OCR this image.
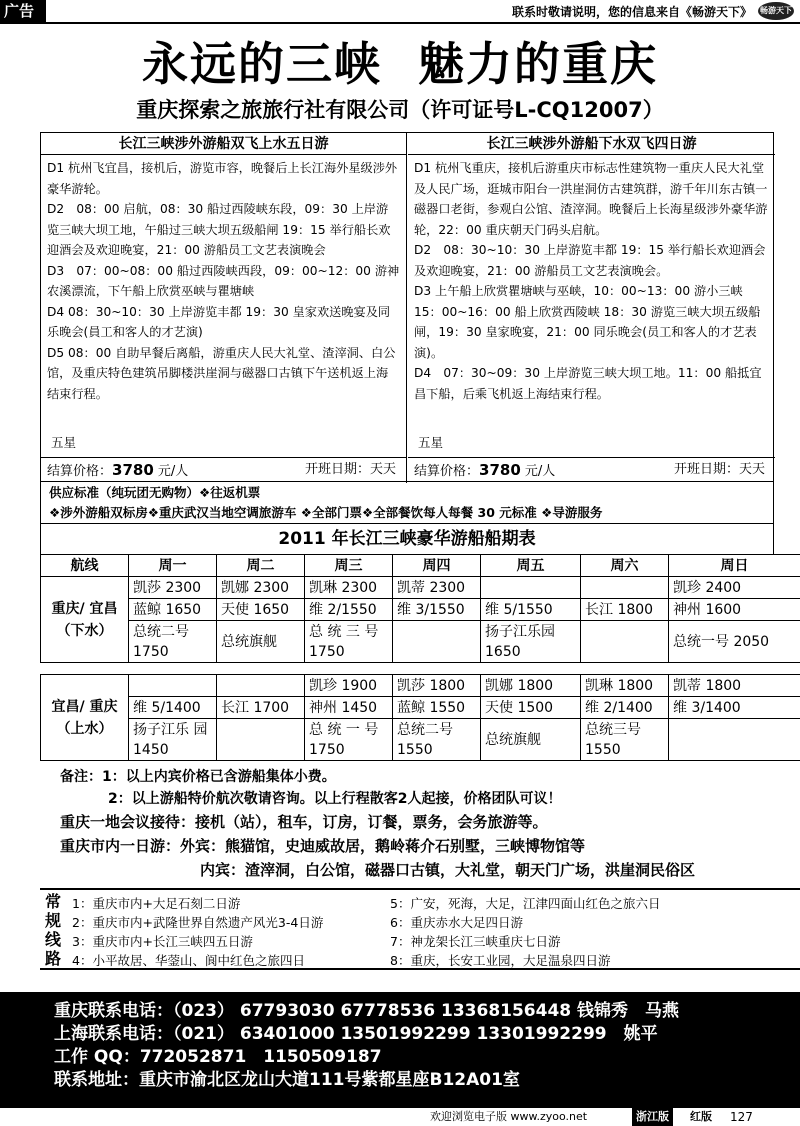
广告	联系时敬请说明，您的信息来自《畅游天下》 畅游天下
永远的三峡  魅力的重庆
重庆探索之旅旅行社有限公司（许可证号L-CQ12007）
长江三峡涉外游船双飞上水五日游
D1 杭州飞宜昌，接机后，游览市容，晚餐后上长江海外星级涉外豪华游轮。
D2　08：00 启航，08：30 船过西陵峡东段，09：30 上岸游览三峡大坝工地，午船过三峡大坝五级船闸 19：15 举行船长欢迎酒会及欢迎晚宴，21：00 游船员工文艺表演晚会
D3　07：00~08：00 船过西陵峡西段，09：00~12：00 游神农溪漂流，下午船上欣赏巫峡与瞿塘峡
D4 08：30~10：30 上岸游览丰都 19：30 皇家欢送晚宴及同乐晚会(員工和客人的才艺演)
D5 08：00 自助早餐后离船，游重庆人民大礼堂、渣滓洞、白公馆，及重庆特色建筑吊脚楼洪崖洞与磁器口古镇下午送机返上海结束行程。
五星
结算价格：3780 元/人	开班日期：天天
长江三峡涉外游船下水双飞四日游
D1 杭州飞重庆，接机后游重庆市标志性建筑物一重庆人民大礼堂及人民广场，逛城市阳台一洪崖洞仿古建筑群，游千年川东古镇一磁器口老街，参观白公馆、渣滓洞。晚餐后上长海星级涉外豪华游轮，22：00 重庆朝天门码头启航。
D2　08：30~10：30 上岸游览丰都 19：15 举行船长欢迎酒会及欢迎晚宴，21：00 游船员工文艺表演晚会。
D3 上午船上欣赏瞿塘峡与巫峡，10：00~13：00 游小三峡 15：00~16：00 船上欣赏西陵峡 18：30 游览三峡大坝五级船闸，19：30 皇家晚宴，21：00 同乐晚会(员工和客人的才艺表演)。
D4　07：30~09：30 上岸游览三峡大坝工地。11：00 船抵宜昌下船，后乘飞机返上海结束行程。
五星
结算价格：3780 元/人	开班日期：天天
供应标准（纯玩团无购物）❖往返机票
❖涉外游船双标房❖重庆武汉当地空调旅游车 ❖全部门票❖全部餐饮每人每餐 30 元标准 ❖导游服务
2011 年长江三峡豪华游船船期表
航线	周一	周二	周三	周四	周五	周六	周日
重庆/ 宜昌 （下水）	凯莎 2300	凯娜 2300	凯琳 2300	凯蒂 2300			凯珍 2400
	蓝鲸 1650	天使 1650	维 2/1550	维 3/1550	维 5/1550	长江 1800	神州 1600
	总统二号 1750	总统旗舰	总 统 三 号 1750		扬子江乐园 1650		总统一号 2050
宜昌/ 重庆 （上水）			凯珍 1900	凯莎 1800	凯娜 1800	凯琳 1800	凯蒂 1800
	维 5/1400	长江 1700	神州 1450	蓝鲸 1550	天使 1500	维 2/1400	维 3/1400
	扬子江乐 园 1450		总 统 一 号 1750	总统二号 1550	总统旗舰	总统三号 1550	
备注：1：以上内宾价格已含游船集体小费。
2：以上游船特价航次敬请咨询。以上行程散客2人起接，价格团队可议！
重庆一地会议接待：接机（站），租车，订房，订餐，票务，会务旅游等。
重庆市内一日游：外宾：熊猫馆，史迪威故居，鹅岭蒋介石别墅，三峡博物馆等
内宾：渣滓洞，白公馆，磁器口古镇，大礼堂，朝天门广场，洪崖洞民俗区
常规线路
1：重庆市内+大足石刻二日游
2：重庆市内+武隆世界自然遗产风光3-4日游
3：重庆市内+长江三峡四五日游
4：小平故居、华蓥山、阆中红色之旅四日
5：广安，死海，大足，江津四面山红色之旅六日
6：重庆赤水大足四日游
7：神龙架长江三峡重庆七日游
8：重庆，长安工业园，大足温泉四日游
重庆联系电话：（023） 67793030 67778536 13368156448 钱锦秀　马燕
上海联系电话：（021） 63401000 13501992299 13301992299　姚平
工作 QQ：772052871　1150509187
联系地址：重庆市渝北区龙山大道111号紫都星座B12A01室
欢迎浏览电子版 www.zyoo.net	浙江版	红版 127
